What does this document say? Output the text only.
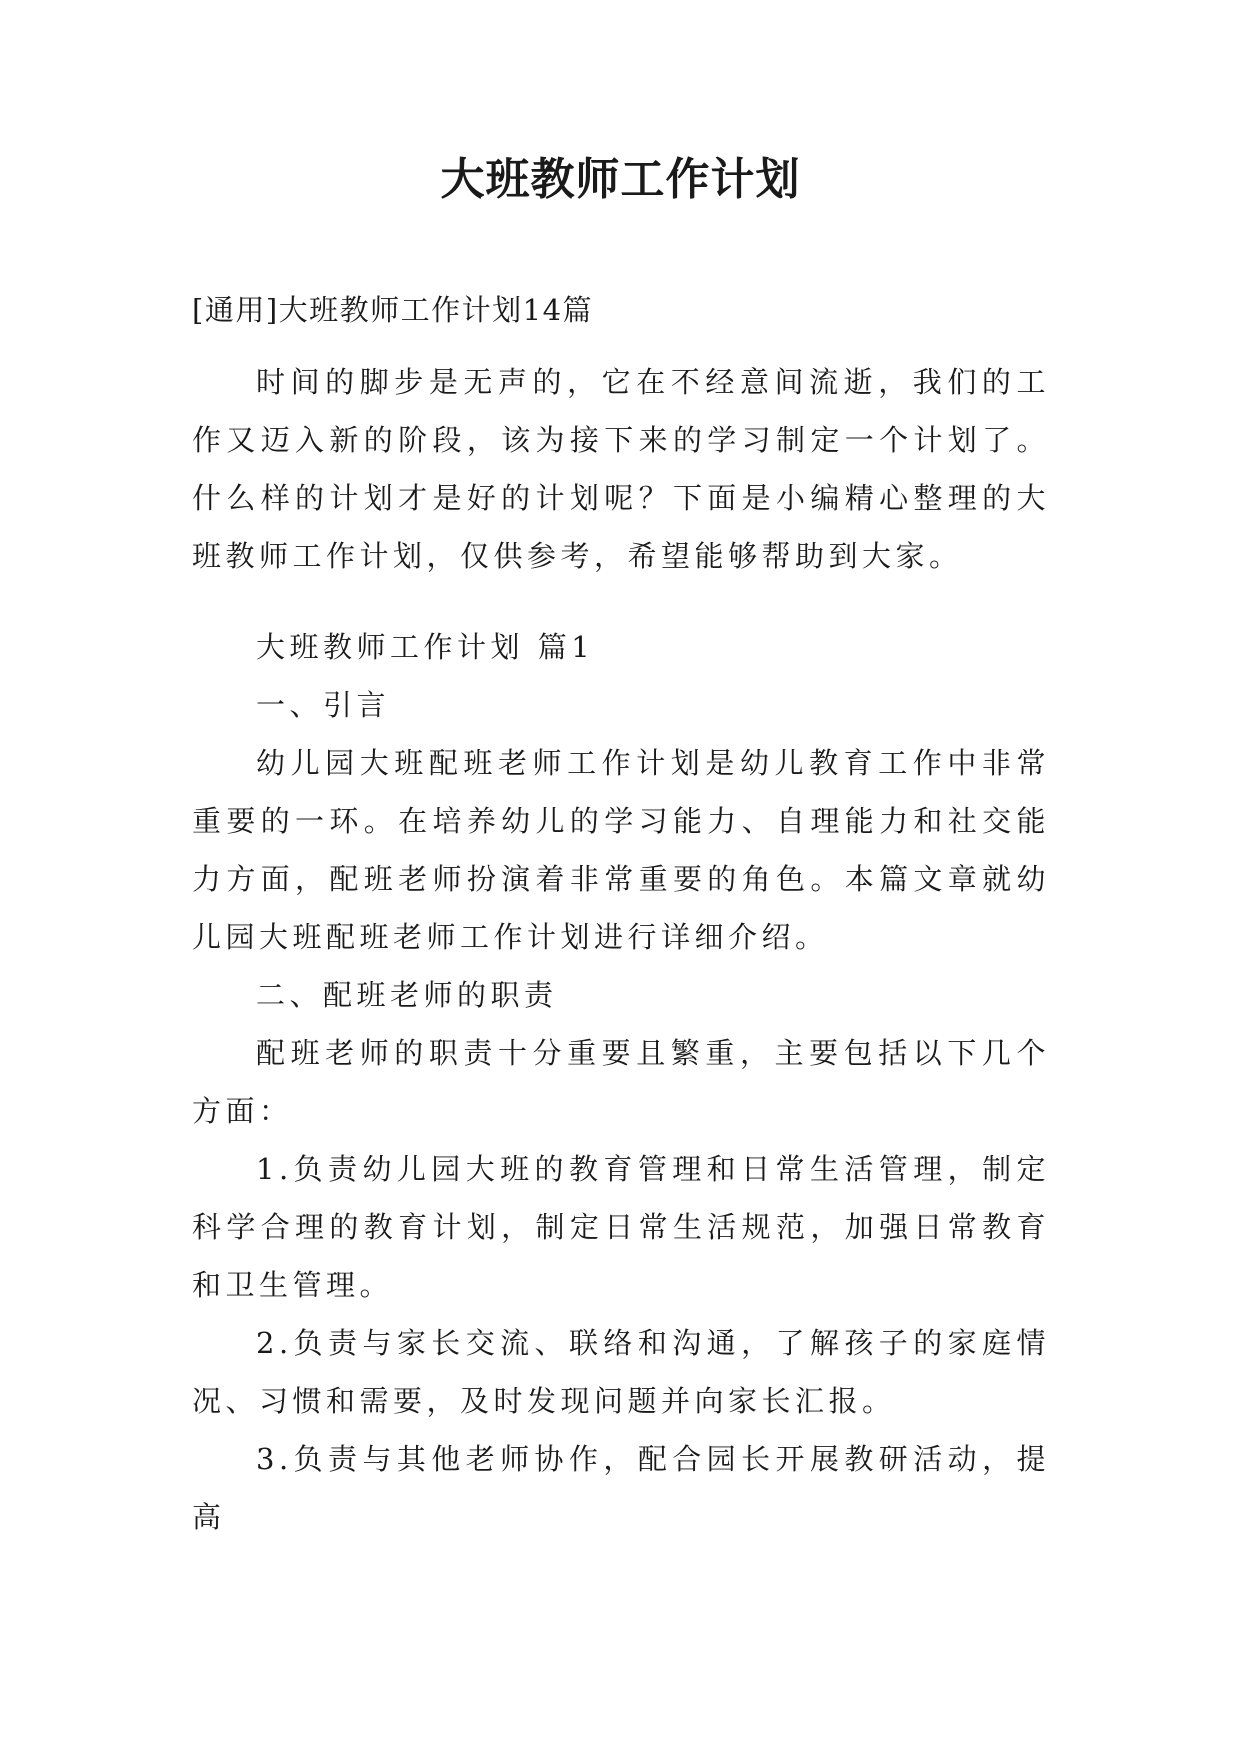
大班教师工作计划
[通用]大班教师工作计划14篇

时间的脚步是无声的，它在不经意间流逝，我们的工作又迈入新的阶段，该为接下来的学习制定一个计划了。什么样的计划才是好的计划呢？下面是小编精心整理的大班教师工作计划，仅供参考，希望能够帮助到大家。

大班教师工作计划 篇1

一、引言

幼儿园大班配班老师工作计划是幼儿教育工作中非常重要的一环。在培养幼儿的学习能力、自理能力和社交能力方面，配班老师扮演着非常重要的角色。本篇文章就幼儿园大班配班老师工作计划进行详细介绍。

二、配班老师的职责

配班老师的职责十分重要且繁重，主要包括以下几个方面：

1.负责幼儿园大班的教育管理和日常生活管理，制定科学合理的教育计划，制定日常生活规范，加强日常教育和卫生管理。

2.负责与家长交流、联络和沟通，了解孩子的家庭情况、习惯和需要，及时发现问题并向家长汇报。

3.负责与其他老师协作，配合园长开展教研活动，提高
